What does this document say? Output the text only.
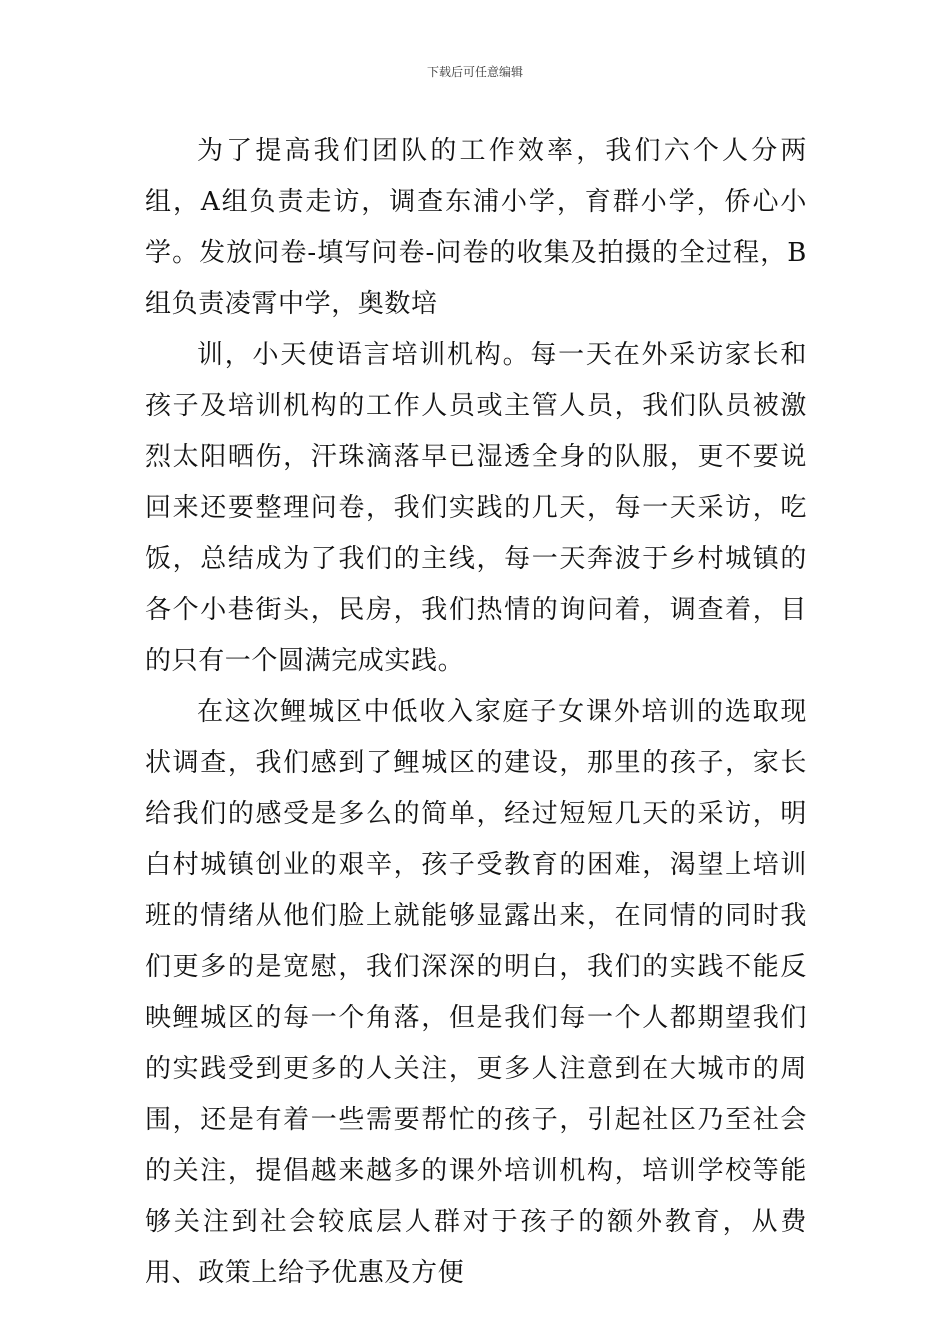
下载后可任意编辑

为了提高我们团队的工作效率，我们六个人分两组，A组负责走访，调查东浦小学，育群小学，侨心小学。发放问卷-填写问卷-问卷的收集及拍摄的全过程，B组负责凌霄中学，奥数培

训，小天使语言培训机构。每一天在外采访家长和孩子及培训机构的工作人员或主管人员，我们队员被激烈太阳晒伤，汗珠滴落早已湿透全身的队服，更不要说回来还要整理问卷，我们实践的几天，每一天采访，吃饭，总结成为了我们的主线，每一天奔波于乡村城镇的各个小巷街头，民房，我们热情的询问着，调查着，目的只有一个圆满完成实践。

在这次鲤城区中低收入家庭子女课外培训的选取现状调查，我们感到了鲤城区的建设，那里的孩子，家长给我们的感受是多么的简单，经过短短几天的采访，明白村城镇创业的艰辛，孩子受教育的困难，渴望上培训班的情绪从他们脸上就能够显露出来，在同情的同时我们更多的是宽慰，我们深深的明白，我们的实践不能反映鲤城区的每一个角落，但是我们每一个人都期望我们的实践受到更多的人关注，更多人注意到在大城市的周围，还是有着一些需要帮忙的孩子，引起社区乃至社会的关注，提倡越来越多的课外培训机构，培训学校等能够关注到社会较底层人群对于孩子的额外教育，从费用、政策上给予优惠及方便
